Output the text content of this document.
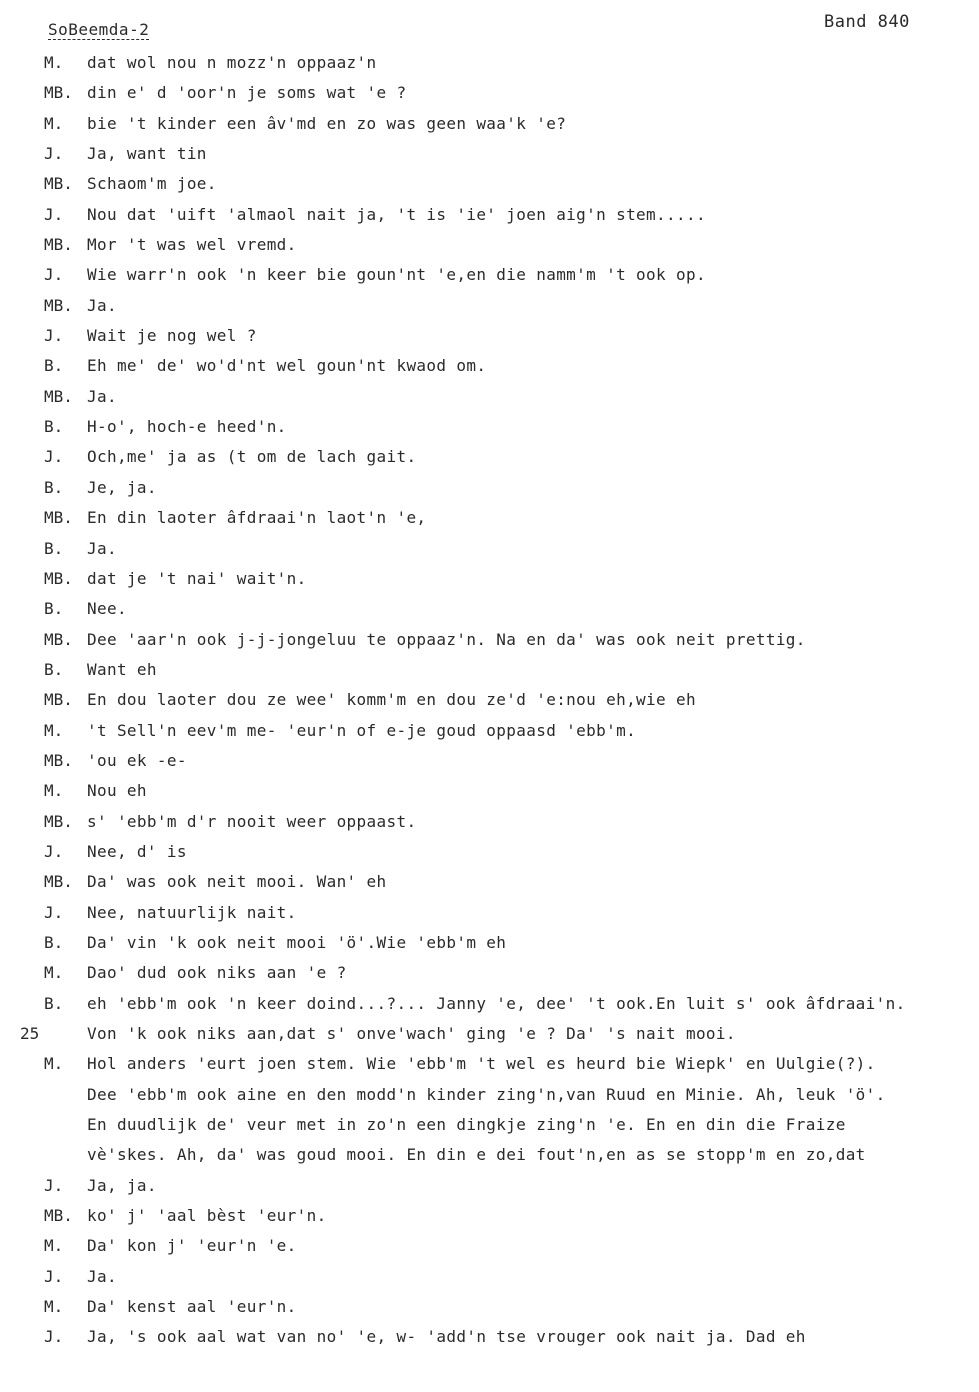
SoBeemda-2	Band 840
M. dat wol nou n mozz'n oppaaz'n
MB. din e' d 'oor'n je soms wat 'e ?
M. bie 't kinder een âv'md en zo was geen waa'k 'e?
J. Ja, want tin
MB. Schaom'm joe.
J. Nou dat 'uift 'almaol nait ja, 't is 'ie' joen aig'n stem.....
MB. Mor 't was wel vremd.
J. Wie warr'n ook 'n keer bie goun'nt 'e,en die namm'm 't ook op.
MB. Ja.
J. Wait je nog wel ?
B. Eh me' de' wo'd'nt wel goun'nt kwaod om.
MB. Ja.
B. H-o', hoch-e heed'n.
J. Och,me' ja as (t om de lach gait.
B. Je, ja.
MB. En din laoter âfdraai'n laot'n 'e,
B. Ja.
MB. dat je 't nai' wait'n.
B. Nee.
MB. Dee 'aar'n ook j-j-jongeluu te oppaaz'n. Na en da' was ook neit prettig.
B. Want eh
MB. En dou laoter dou ze wee' komm'm en dou ze'd 'e:nou eh,wie eh
M. 't Sell'n eev'm me- 'eur'n of e-je goud oppaasd 'ebb'm.
MB. 'ou ek -e-
M. Nou eh
MB. s' 'ebb'm d'r nooit weer oppaast.
J. Nee, d' is
MB. Da' was ook neit mooi. Wan' eh
J. Nee, natuurlijk nait.
B. Da' vin 'k ook neit mooi 'ö'.Wie 'ebb'm eh
M. Dao' dud ook niks aan 'e ?
B. eh 'ebb'm ook 'n keer doind...?... Janny 'e, dee' 't ook.En luit s' ook âfdraai'n.
25	Von 'k ook niks aan,dat s' onve'wach' ging 'e ? Da' 's nait mooi.
M. Hol anders 'eurt joen stem. Wie 'ebb'm 't wel es heurd bie Wiepk' en Uulgie(?).
Dee 'ebb'm ook aine en den modd'n kinder zing'n,van Ruud en Minie. Ah, leuk 'ö'.
En duudlijk de' veur met in zo'n een dingkje zing'n 'e. En en din die Fraize
vè'skes. Ah, da' was goud mooi. En din e dei fout'n,en as se stopp'm en zo,dat
J. Ja, ja.
MB. ko' j' 'aal bèst 'eur'n.
M. Da' kon j' 'eur'n 'e.
J. Ja.
M. Da' kenst aal 'eur'n.
J. Ja, 's ook aal wat van no' 'e, w- 'add'n tse vrouger ook nait ja. Dad eh
